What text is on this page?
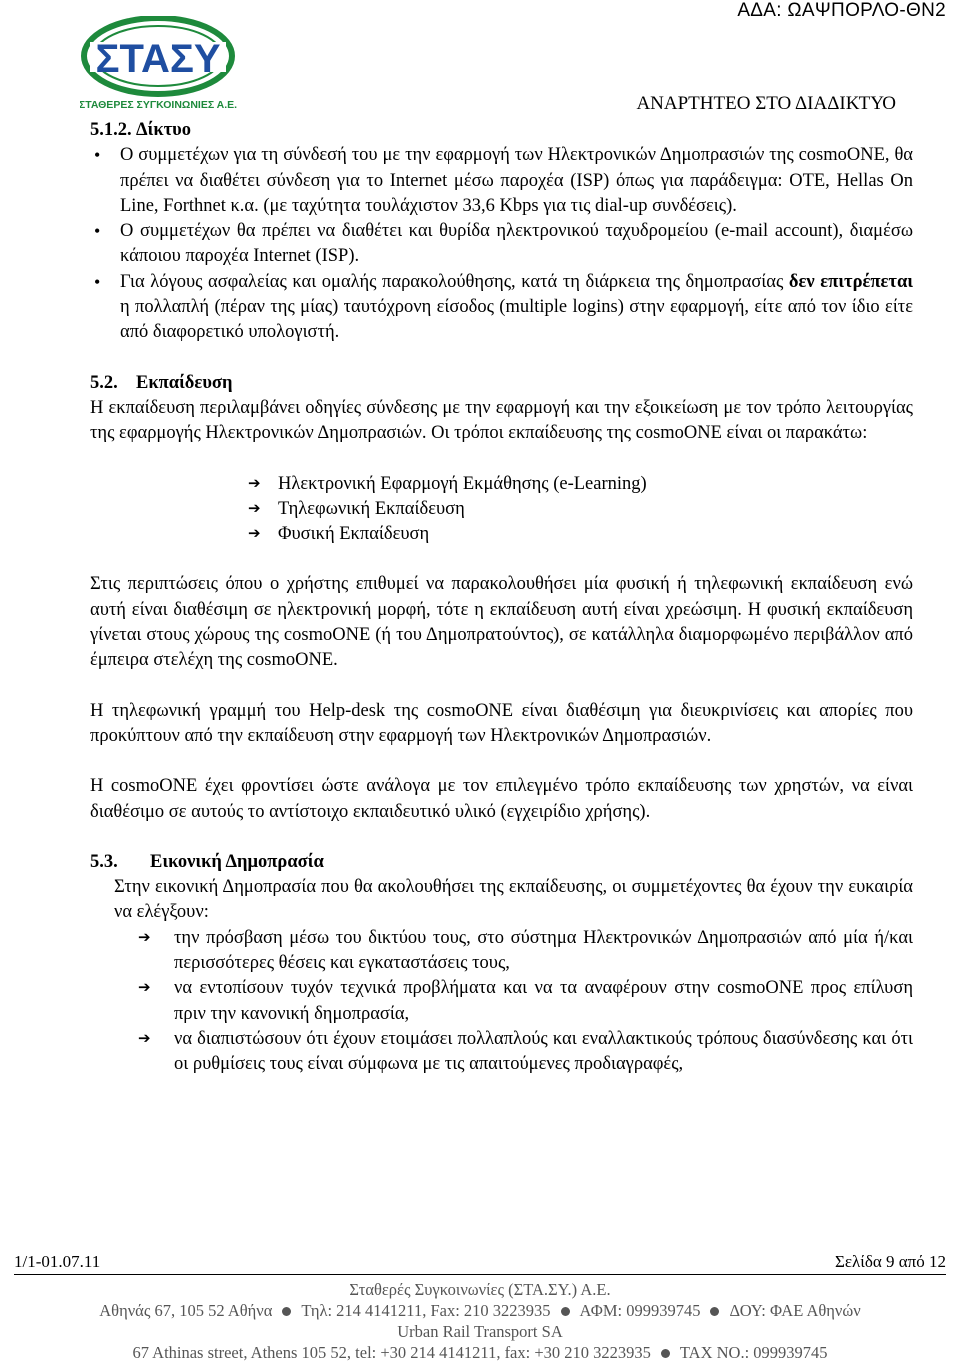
ΑΔΑ: ΩΑΨΠΟΡΛΟ-ΘΝ2
ΣΤΑΣΥ
ΣΤΑΘΕΡΕΣ ΣΥΓΚΟΙΝΩΝΙΕΣ Α.Ε.	ΑΝΑΡΤΗΤΕΟ ΣΤΟ ΔΙΑΔΙΚΤΥΟ
5.1.2. Δίκτυο
• Ο συμμετέχων για τη σύνδεσή του με την εφαρμογή των Ηλεκτρονικών Δημοπρασιών της cosmoONE, θα πρέπει να διαθέτει σύνδεση για το Internet μέσω παροχέα (ISP) όπως για παράδειγμα: OTE, Hellas On Line, Forthnet κ.α. (με ταχύτητα τουλάχιστον 33,6 Kbps για τις dial-up συνδέσεις).
• Ο συμμετέχων θα πρέπει να διαθέτει και θυρίδα ηλεκτρονικού ταχυδρομείου (e-mail account), διαμέσω κάποιου παροχέα Internet (ISP).
• Για λόγους ασφαλείας και ομαλής παρακολούθησης, κατά τη διάρκεια της δημοπρασίας δεν επιτρέπεται η πολλαπλή (πέραν της μίας) ταυτόχρονη είσοδος (multiple logins) στην εφαρμογή, είτε από τον ίδιο είτε από διαφορετικό υπολογιστή.
5.2. Εκπαίδευση

Η εκπαίδευση περιλαμβάνει οδηγίες σύνδεσης με την εφαρμογή και την εξοικείωση με τον τρόπο λειτουργίας της εφαρμογής Ηλεκτρονικών Δημοπρασιών. Οι τρόποι εκπαίδευσης της cosmoONE είναι οι παρακάτω:

➔ Ηλεκτρονική Εφαρμογή Εκμάθησης (e-Learning)
➔ Τηλεφωνική Εκπαίδευση
➔ Φυσική Εκπαίδευση

Στις περιπτώσεις όπου ο χρήστης επιθυμεί να παρακολουθήσει μία φυσική ή τηλεφωνική εκπαίδευση ενώ αυτή είναι διαθέσιμη σε ηλεκτρονική μορφή, τότε η εκπαίδευση αυτή είναι χρεώσιμη. Η φυσική εκπαίδευση γίνεται στους χώρους της cosmoONE (ή του Δημοπρατούντος), σε κατάλληλα διαμορφωμένο περιβάλλον από έμπειρα στελέχη της cosmoONE.

Η τηλεφωνική γραμμή του Help-desk της cosmoONE είναι διαθέσιμη για διευκρινίσεις και απορίες που προκύπτουν από την εκπαίδευση στην εφαρμογή των Ηλεκτρονικών Δημοπρασιών.

Η cosmoONE έχει φροντίσει ώστε ανάλογα με τον επιλεγμένο τρόπο εκπαίδευσης των χρηστών, να είναι διαθέσιμο σε αυτούς το αντίστοιχο εκπαιδευτικό υλικό (εγχειρίδιο χρήσης).

5.3. Εικονική Δημοπρασία

Στην εικονική Δημοπρασία που θα ακολουθήσει της εκπαίδευσης, οι συμμετέχοντες θα έχουν την ευκαιρία να ελέγξουν:

➔ την πρόσβαση μέσω του δικτύου τους, στο σύστημα Ηλεκτρονικών Δημοπρασιών από μία ή/και περισσότερες θέσεις και εγκαταστάσεις τους,
➔ να εντοπίσουν τυχόν τεχνικά προβλήματα και να τα αναφέρουν στην cosmoONE προς επίλυση πριν την κανονική δημοπρασία,
➔ να διαπιστώσουν ότι έχουν ετοιμάσει πολλαπλούς και εναλλακτικούς τρόπους διασύνδεσης και ότι οι ρυθμίσεις τους είναι σύμφωνα με τις απαιτούμενες προδιαγραφές,
1/1-01.07.11	Σελίδα 9 από 12
Σταθερές Συγκοινωνίες (ΣΤΑ.ΣΥ.) Α.Ε.
Αθηνάς 67, 105 52 Αθήνα Τηλ: 214 4141211, Fax: 210 3223935 ΑΦΜ: 099939745 ΔΟΥ: ΦΑΕ Αθηνών
Urban Rail Transport SA
67 Athinas street, Athens 105 52, tel: +30 214 4141211, fax: +30 210 3223935 TAX NO.: 099939745
